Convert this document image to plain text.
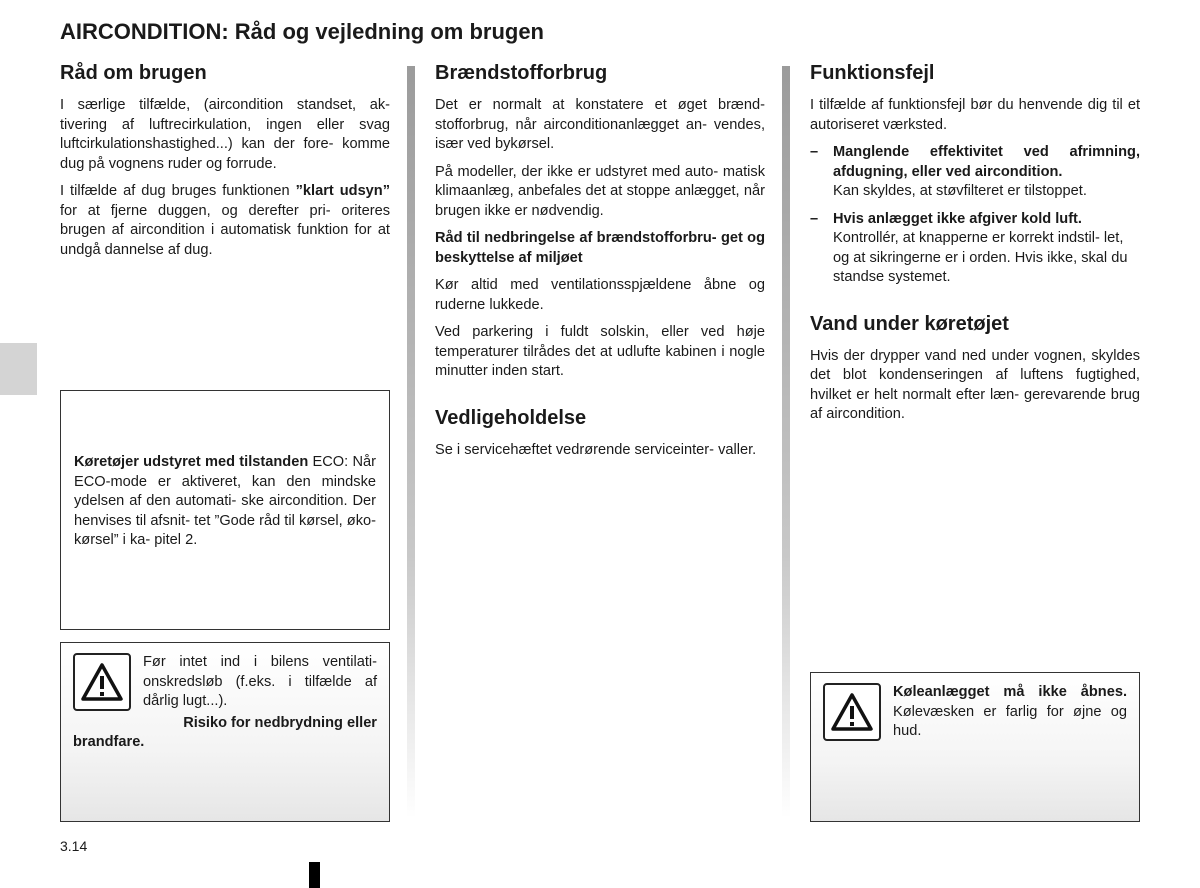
AIRCONDITION: Råd og vejledning om brugen
Råd om brugen

I særlige tilfælde, (aircondition standset, ak- tivering af luftrecirkulation, ingen eller svag luftcirkulationshastighed...) kan der fore- komme dug på vognens ruder og forrude.

I tilfælde af dug bruges funktionen ”klart udsyn” for at fjerne duggen, og derefter pri- oriteres brugen af aircondition i automatisk funktion for at undgå dannelse af dug.

Køretøjer udstyret med tilstanden ECO: Når ECO-mode er aktiveret, kan den mindske ydelsen af den automati- ske aircondition. Der henvises til afsnit- tet ”Gode råd til kørsel, øko-kørsel” i ka- pitel 2.
Før intet ind i bilens ventilati- onskredsløb (f.eks. i tilfælde af dårlig lugt...).
Risiko for nedbrydning eller
brandfare.
Brændstofforbrug

Det er normalt at konstatere et øget brænd- stofforbrug, når airconditionanlægget an- vendes, især ved bykørsel.

På modeller, der ikke er udstyret med auto- matisk klimaanlæg, anbefales det at stoppe anlægget, når brugen ikke er nødvendig.

Råd til nedbringelse af brændstofforbru- get og beskyttelse af miljøet

Kør altid med ventilationsspjældene åbne og ruderne lukkede.

Ved parkering i fuldt solskin, eller ved høje temperaturer tilrådes det at udlufte kabinen i nogle minutter inden start.

Vedligeholdelse

Se i servicehæftet vedrørende serviceinter- valler.

Funktionsfejl

I tilfælde af funktionsfejl bør du henvende dig til et autoriseret værksted.

–	Manglende effektivitet ved afrimning, afdugning, eller ved aircondition.
Kan skyldes, at støvfilteret er tilstoppet.
–	Hvis anlægget ikke afgiver kold luft.
Kontrollér, at knapperne er korrekt indstil- let, og at sikringerne er i orden. Hvis ikke, skal du standse systemet.
Vand under køretøjet

Hvis der drypper vand ned under vognen, skyldes det blot kondenseringen af luftens fugtighed, hvilket er helt normalt efter læn- gerevarende brug af aircondition.

Køleanlægget må ikke åbnes. Kølevæsken er farlig for øjne og hud.
3.14
